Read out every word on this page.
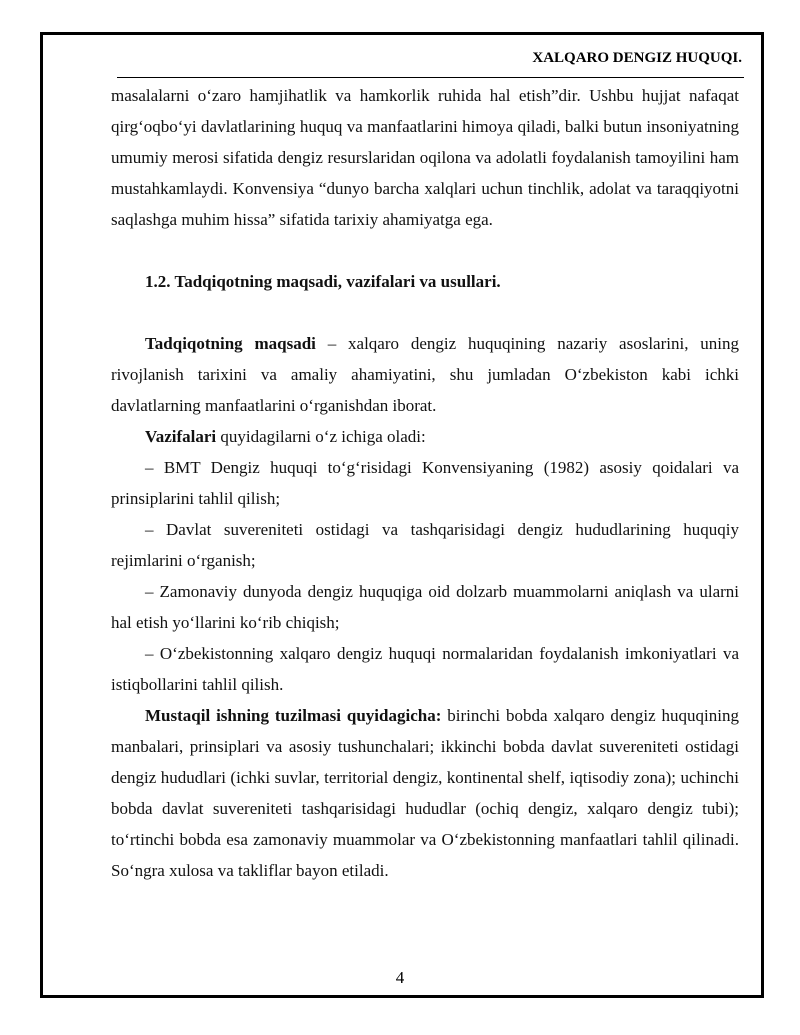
XALQARO DENGIZ HUQUQI.

masalalarni o‘zaro hamjihatlik va hamkorlik ruhida hal etish”dir. Ushbu hujjat nafaqat qirg‘oqbo‘yi davlatlarining huquq va manfaatlarini himoya qiladi, balki butun insoniyatning umumiy merosi sifatida dengiz resurslaridan oqilona va adolatli foydalanish tamoyilini ham mustahkamlaydi. Konvensiya “dunyo barcha xalqlari uchun tinchlik, adolat va taraqqiyotni saqlashga muhim hissa” sifatida tarixiy ahamiyatga ega.

1.2. Tadqiqotning maqsadi, vazifalari va usullari.

Tadqiqotning maqsadi – xalqaro dengiz huquqining nazariy asoslarini, uning rivojlanish tarixini va amaliy ahamiyatini, shu jumladan O‘zbekiston kabi ichki davlatlarning manfaatlarini o‘rganishdan iborat.

Vazifalari quyidagilarni o‘z ichiga oladi:

– BMT Dengiz huquqi to‘g‘risidagi Konvensiyaning (1982) asosiy qoidalari va prinsiplarini tahlil qilish;

– Davlat suvereniteti ostidagi va tashqarisidagi dengiz hududlarining huquqiy rejimlarini o‘rganish;

– Zamonaviy dunyoda dengiz huquqiga oid dolzarb muammolarni aniqlash va ularni hal etish yo‘llarini ko‘rib chiqish;

– O‘zbekistonning xalqaro dengiz huquqi normalaridan foydalanish imkoniyatlari va istiqbollarini tahlil qilish.

Mustaqil ishning tuzilmasi quyidagicha: birinchi bobda xalqaro dengiz huquqining manbalari, prinsiplari va asosiy tushunchalari; ikkinchi bobda davlat suvereniteti ostidagi dengiz hududlari (ichki suvlar, territorial dengiz, kontinental shelf, iqtisodiy zona); uchinchi bobda davlat suvereniteti tashqarisidagi hududlar (ochiq dengiz, xalqaro dengiz tubi); to‘rtinchi bobda esa zamonaviy muammolar va O‘zbekistonning manfaatlari tahlil qilinadi. So‘ngra xulosa va takliflar bayon etiladi.

4
